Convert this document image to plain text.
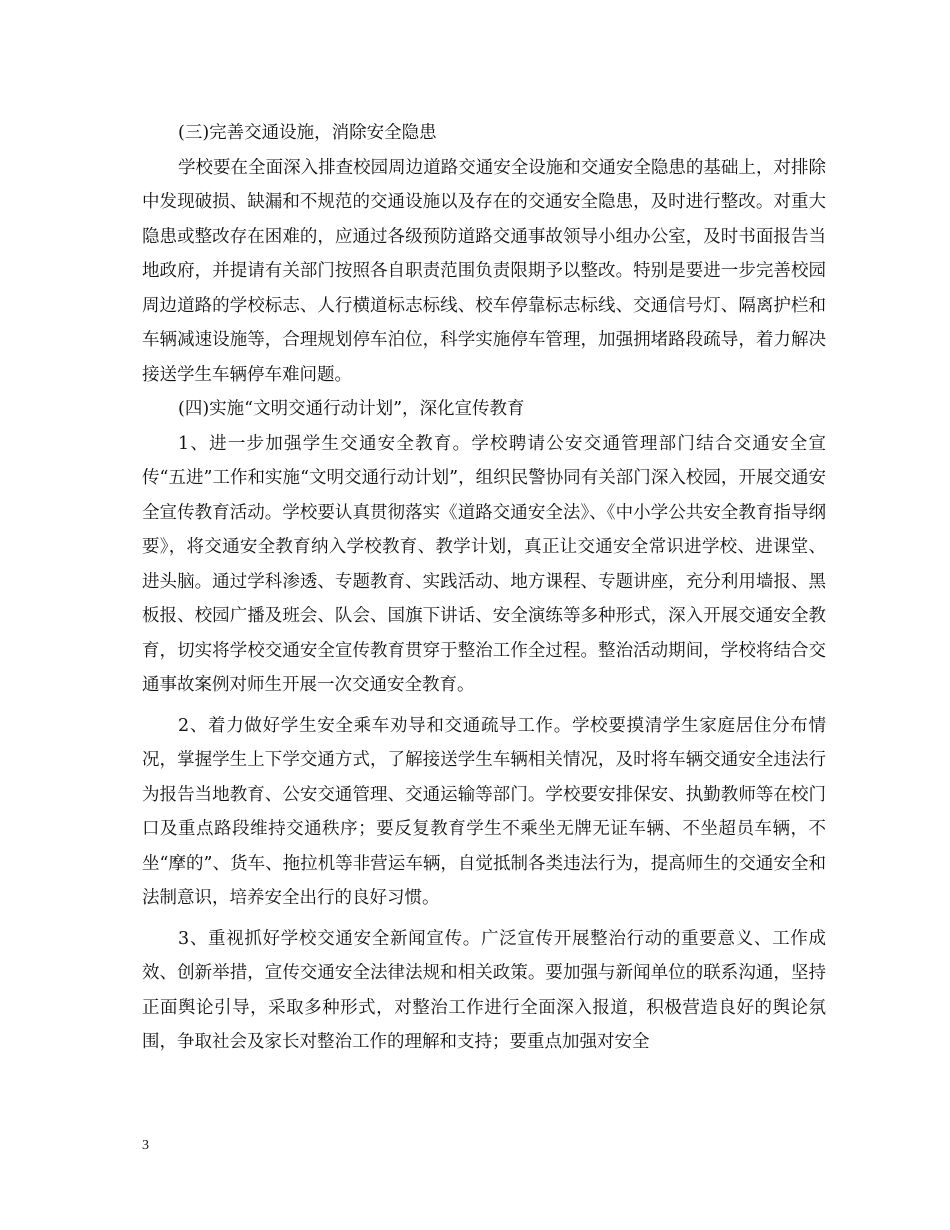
(三)完善交通设施，消除安全隐患

学校要在全面深入排查校园周边道路交通安全设施和交通安全隐患的基础上，对排除中发现破损、缺漏和不规范的交通设施以及存在的交通安全隐患，及时进行整改。对重大隐患或整改存在困难的，应通过各级预防道路交通事故领导小组办公室，及时书面报告当地政府，并提请有关部门按照各自职责范围负责限期予以整改。特别是要进一步完善校园周边道路的学校标志、人行横道标志标线、校车停靠标志标线、交通信号灯、隔离护栏和车辆减速设施等，合理规划停车泊位，科学实施停车管理，加强拥堵路段疏导，着力解决接送学生车辆停车难问题。

(四)实施“文明交通行动计划”，深化宣传教育

1、进一步加强学生交通安全教育。学校聘请公安交通管理部门结合交通安全宣传“五进”工作和实施“文明交通行动计划”，组织民警协同有关部门深入校园，开展交通安全宣传教育活动。学校要认真贯彻落实《道路交通安全法》、《中小学公共安全教育指导纲要》，将交通安全教育纳入学校教育、教学计划，真正让交通安全常识进学校、进课堂、进头脑。通过学科渗透、专题教育、实践活动、地方课程、专题讲座，充分利用墙报、黑板报、校园广播及班会、队会、国旗下讲话、安全演练等多种形式，深入开展交通安全教育，切实将学校交通安全宣传教育贯穿于整治工作全过程。整治活动期间，学校将结合交通事故案例对师生开展一次交通安全教育。

2、着力做好学生安全乘车劝导和交通疏导工作。学校要摸清学生家庭居住分布情况，掌握学生上下学交通方式，了解接送学生车辆相关情况，及时将车辆交通安全违法行为报告当地教育、公安交通管理、交通运输等部门。学校要安排保安、执勤教师等在校门口及重点路段维持交通秩序；要反复教育学生不乘坐无牌无证车辆、不坐超员车辆，不坐“摩的”、货车、拖拉机等非营运车辆，自觉抵制各类违法行为，提高师生的交通安全和法制意识，培养安全出行的良好习惯。

3、重视抓好学校交通安全新闻宣传。广泛宣传开展整治行动的重要意义、工作成效、创新举措，宣传交通安全法律法规和相关政策。要加强与新闻单位的联系沟通，坚持正面舆论引导，采取多种形式，对整治工作进行全面深入报道，积极营造良好的舆论氛围，争取社会及家长对整治工作的理解和支持；要重点加强对安全

3
